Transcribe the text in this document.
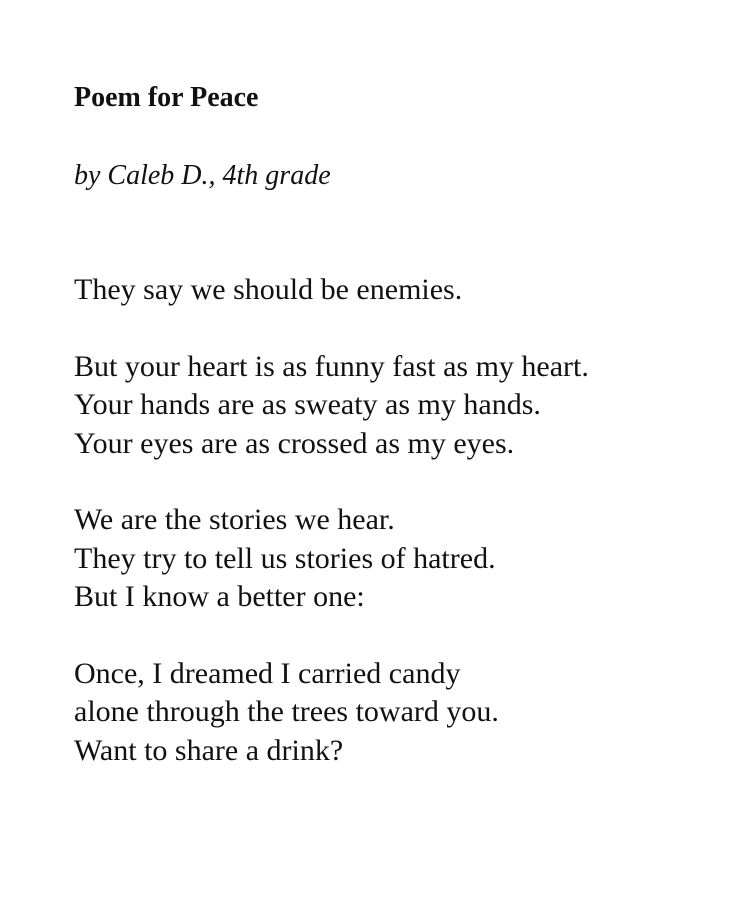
Poem for Peace

by Caleb D., 4th grade

They say we should be enemies.
But your heart is as funny fast as my heart.
Your hands are as sweaty as my hands.
Your eyes are as crossed as my eyes.
We are the stories we hear.
They try to tell us stories of hatred.
But I know a better one:
Once, I dreamed I carried candy
alone through the trees toward you.
Want to share a drink?
